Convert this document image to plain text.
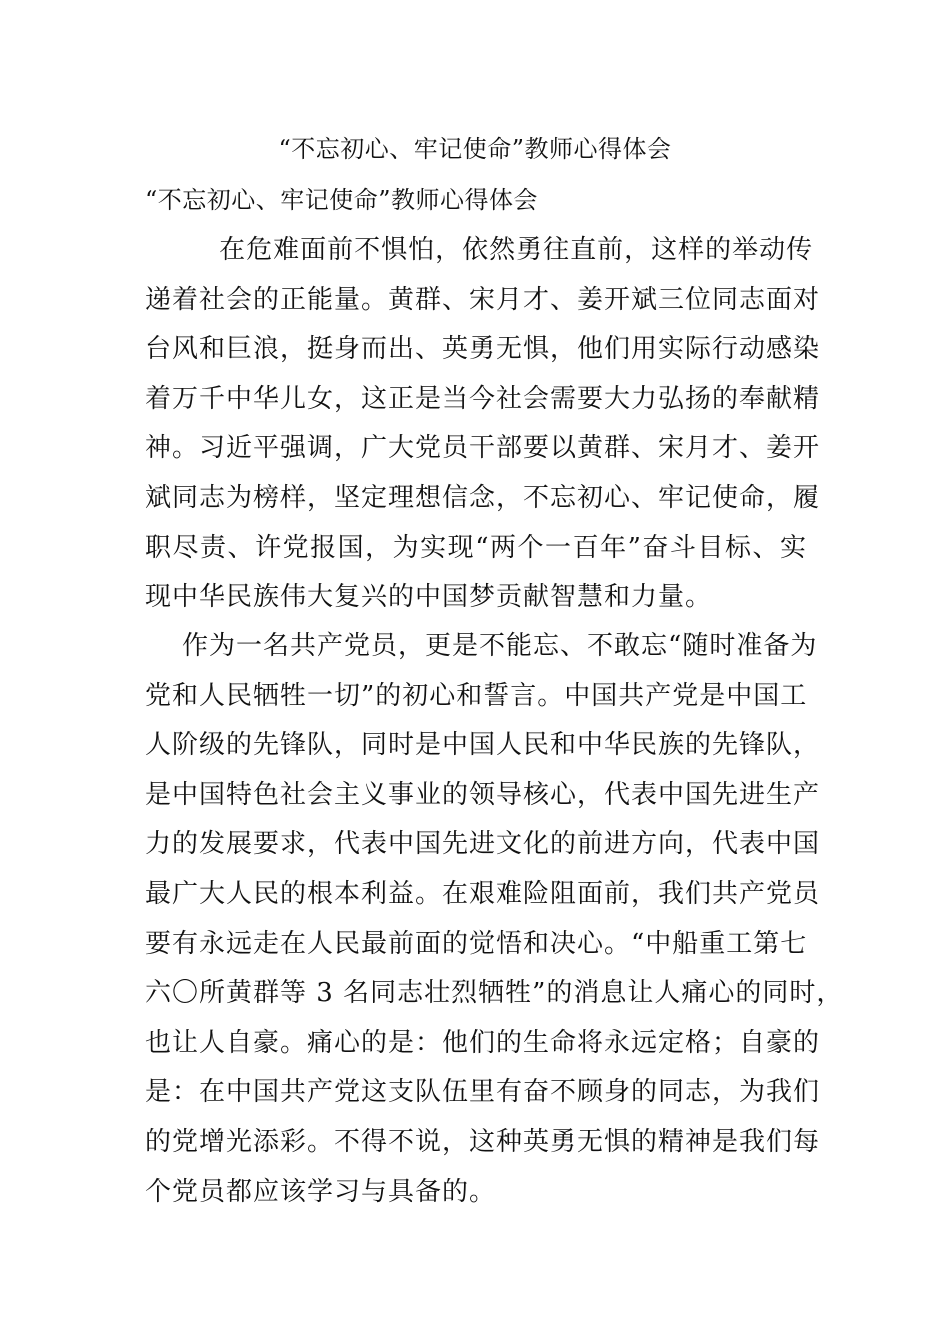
“不忘初心、牢记使命”教师心得体会
“不忘初心、牢记使命”教师心得体会
在危难面前不惧怕，依然勇往直前，这样的举动传
递着社会的正能量。黄群、宋月才、姜开斌三位同志面对
台风和巨浪，挺身而出、英勇无惧，他们用实际行动感染
着万千中华儿女，这正是当今社会需要大力弘扬的奉献精
神。习近平强调，广大党员干部要以黄群、宋月才、姜开
斌同志为榜样，坚定理想信念，不忘初心、牢记使命，履
职尽责、许党报国，为实现“两个一百年”奋斗目标、实
现中华民族伟大复兴的中国梦贡献智慧和力量。
作为一名共产党员，更是不能忘、不敢忘“随时准备为
党和人民牺牲一切”的初心和誓言。中国共产党是中国工
人阶级的先锋队，同时是中国人民和中华民族的先锋队，
是中国特色社会主义事业的领导核心，代表中国先进生产
力的发展要求，代表中国先进文化的前进方向，代表中国
最广大人民的根本利益。在艰难险阻面前，我们共产党员
要有永远走在人民最前面的觉悟和决心。“中船重工第七
六〇所黄群等 3 名同志壮烈牺牲”的消息让人痛心的同时，
也让人自豪。痛心的是：他们的生命将永远定格；自豪的
是：在中国共产党这支队伍里有奋不顾身的同志，为我们
的党增光添彩。不得不说，这种英勇无惧的精神是我们每
个党员都应该学习与具备的。
